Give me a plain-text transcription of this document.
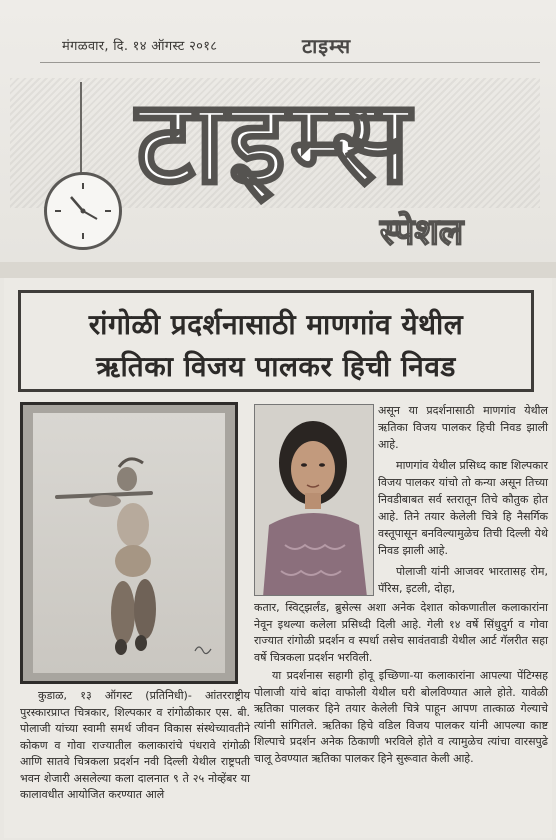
मंगळवार, दि. १४ ऑगस्ट २०१८	टाइम्स
टाइम्स
स्पेशल
रांगोळी प्रदर्शनासाठी माणगांव येथील
ऋतिका विजय पालकर हिची निवड

असून या प्रदर्शनासाठी माणगांव येथील ऋतिका विजय पालकर हिची निवड झाली आहे.

माणगांव येथील प्रसिध्द काष्ट शिल्पकार विजय पालकर यांचो तो कन्या असून तिच्या निवडीबाबत सर्व स्तरातून तिचे कौतुक होत आहे. तिने तयार केलेली चित्रे हि नैसर्गिक वस्तूपासून बनविल्यामुळेच तिची दिल्ली येथे निवड झाली आहे.

पोलाजी यांनी आजवर भारतासह रोम, पॅरिस, इटली, दोहा,

कतार, स्विट्झर्लंड, ब्रुसेल्स अशा अनेक देशात कोकणातील कलाकारांना नेवून इथल्या कलेला प्रसिध्दी दिली आहे. गेली १४ वर्षे सिंधुदुर्ग व गोवा राज्यात रांगोळी प्रदर्शन व स्पर्धा तसेच सावंतवाडी येथील आर्ट गॅलरीत सहा वर्षे चित्रकला प्रदर्शन भरविली.

या प्रदर्शनास सहागी होवू इच्छिणा-या कलाकारांना आपल्या पेंटिग्सह पोलाजी यांचे बांदा वाफोली येथील घरी बोलविण्यात आले होते. यावेळी ऋतिका पालकर हिने तयार केलेली चित्रे पाहून आपण तात्काळ गेल्याचे त्यांनी सांगितले. ऋतिका हिचे वडिल विजय पालकर यांनी आपल्या काष्ट शिल्पाचे प्रदर्शन अनेक ठिकाणी भरविले होते व त्यामुळेच त्यांचा वारसपुढे चालू ठेवण्यात ऋतिका पालकर हिने सुरूवात केली आहे.

कुडाळ, १३ ऑगस्ट (प्रतिनिधी)- आंतरराष्ट्रीय पुरस्कारप्राप्त चित्रकार, शिल्पकार व रांगोळीकार एस. बी. पोलाजी यांच्या स्वामी समर्थ जीवन विकास संस्थेच्यावतीने कोकण व गोवा राज्यातील कलाकारांचे पंधरावे रांगोळी आणि सातवे चित्रकला प्रदर्शन नवी दिल्ली येथील राष्ट्रपती भवन शेजारी असलेल्या कला दालनात ९ ते २५ नोव्हेंबर या कालावधीत आयोजित करण्यात आले
